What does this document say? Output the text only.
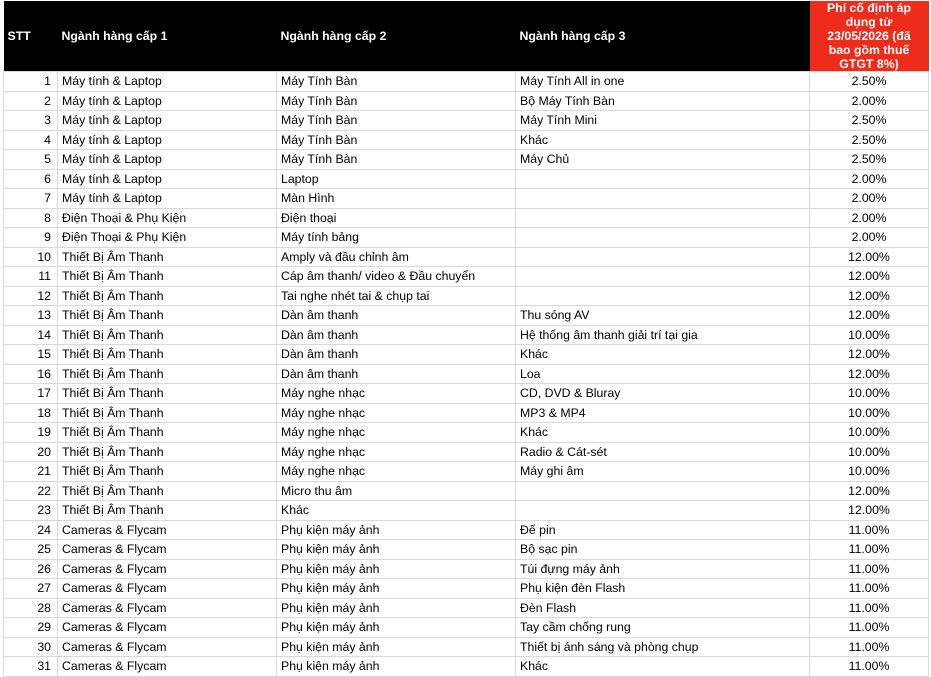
STT	Ngành hàng cấp 1	Ngành hàng cấp 2	Ngành hàng cấp 3	Phí cố định áp dụng từ 23/05/2026 (đã bao gồm thuế GTGT 8%)
1	Máy tính & Laptop	Máy Tính Bàn	Máy Tính All in one	2.50%
2	Máy tính & Laptop	Máy Tính Bàn	Bộ Máy Tính Bàn	2.00%
3	Máy tính & Laptop	Máy Tính Bàn	Máy Tính Mini	2.50%
4	Máy tính & Laptop	Máy Tính Bàn	Khác	2.50%
5	Máy tính & Laptop	Máy Tính Bàn	Máy Chủ	2.50%
6	Máy tính & Laptop	Laptop		2.00%
7	Máy tính & Laptop	Màn Hình		2.00%
8	Điện Thoại & Phụ Kiện	Điện thoại		2.00%
9	Điện Thoại & Phụ Kiện	Máy tính bảng		2.00%
10	Thiết Bị Âm Thanh	Amply và đầu chỉnh âm		12.00%
11	Thiết Bị Âm Thanh	Cáp âm thanh/ video & Đầu chuyển		12.00%
12	Thiết Bị Âm Thanh	Tai nghe nhét tai & chụp tai		12.00%
13	Thiết Bị Âm Thanh	Dàn âm thanh	Thu sóng AV	12.00%
14	Thiết Bị Âm Thanh	Dàn âm thanh	Hệ thống âm thanh giải trí tại gia	10.00%
15	Thiết Bị Âm Thanh	Dàn âm thanh	Khác	12.00%
16	Thiết Bị Âm Thanh	Dàn âm thanh	Loa	12.00%
17	Thiết Bị Âm Thanh	Máy nghe nhạc	CD, DVD & Bluray	10.00%
18	Thiết Bị Âm Thanh	Máy nghe nhạc	MP3 & MP4	10.00%
19	Thiết Bị Âm Thanh	Máy nghe nhạc	Khác	10.00%
20	Thiết Bị Âm Thanh	Máy nghe nhạc	Radio & Cát-sét	10.00%
21	Thiết Bị Âm Thanh	Máy nghe nhạc	Máy ghi âm	10.00%
22	Thiết Bị Âm Thanh	Micro thu âm		12.00%
23	Thiết Bị Âm Thanh	Khác		12.00%
24	Cameras & Flycam	Phụ kiện máy ảnh	Đế pin	11.00%
25	Cameras & Flycam	Phụ kiện máy ảnh	Bộ sạc pin	11.00%
26	Cameras & Flycam	Phụ kiện máy ảnh	Túi đựng máy ảnh	11.00%
27	Cameras & Flycam	Phụ kiện máy ảnh	Phụ kiện đèn Flash	11.00%
28	Cameras & Flycam	Phụ kiện máy ảnh	Đèn Flash	11.00%
29	Cameras & Flycam	Phụ kiện máy ảnh	Tay cầm chống rung	11.00%
30	Cameras & Flycam	Phụ kiện máy ảnh	Thiết bị ánh sáng và phòng chụp	11.00%
31	Cameras & Flycam	Phụ kiện máy ảnh	Khác	11.00%
